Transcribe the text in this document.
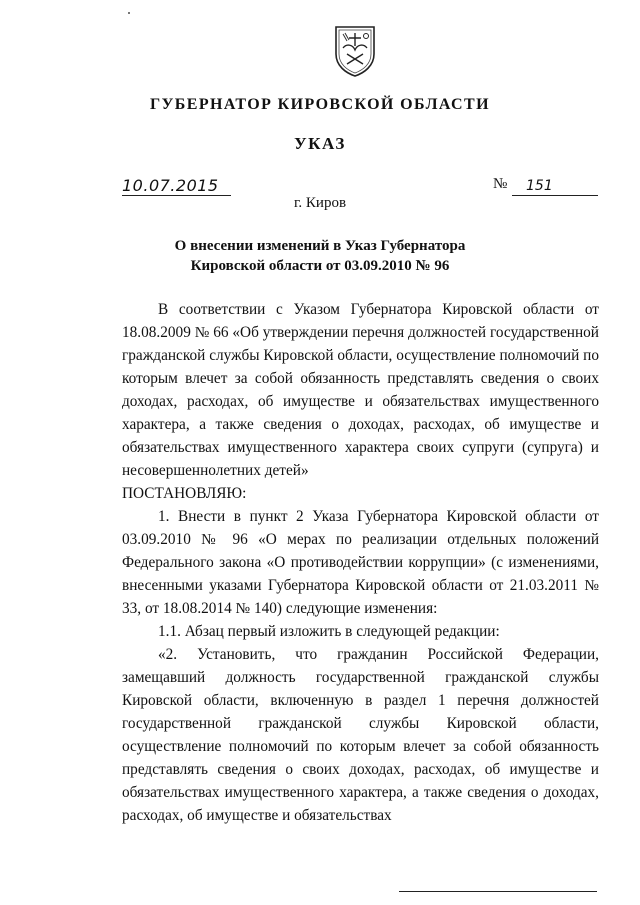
ГУБЕРНАТОР КИРОВСКОЙ ОБЛАСТИ
УКАЗ
10.07.2015	№	151
г. Киров
О внесении изменений в Указ Губернатора
Кировской области от 03.09.2010 № 96

В соответствии с Указом Губернатора Кировской области от 18.08.2009 № 66 «Об утверждении перечня должностей государственной гражданской службы Кировской области, осуществление полномочий по которым влечет за собой обязанность представлять сведения о своих доходах, расходах, об имуществе и обязательствах имущественного характера, а также сведения о доходах, расходах, об имуществе и обязательствах имущественного характера своих супруги (супруга) и несовершеннолетних детей»

ПОСТАНОВЛЯЮ:

1. Внести в пункт 2 Указа Губернатора Кировской области от 03.09.2010 № 96 «О мерах по реализации отдельных положений Федерального закона «О противодействии коррупции» (с изменениями, внесенными указами Губернатора Кировской области от 21.03.2011 № 33, от 18.08.2014 № 140) следующие изменения:

1.1. Абзац первый изложить в следующей редакции:

«2. Установить, что гражданин Российской Федерации, замещавший должность государственной гражданской службы Кировской области, включенную в раздел 1 перечня должностей государственной гражданской службы Кировской области, осуществление полномочий по которым влечет за собой обязанность представлять сведения о своих доходах, расходах, об имуществе и обязательствах имущественного характера, а также сведения о доходах, расходах, об имуществе и обязательствах
